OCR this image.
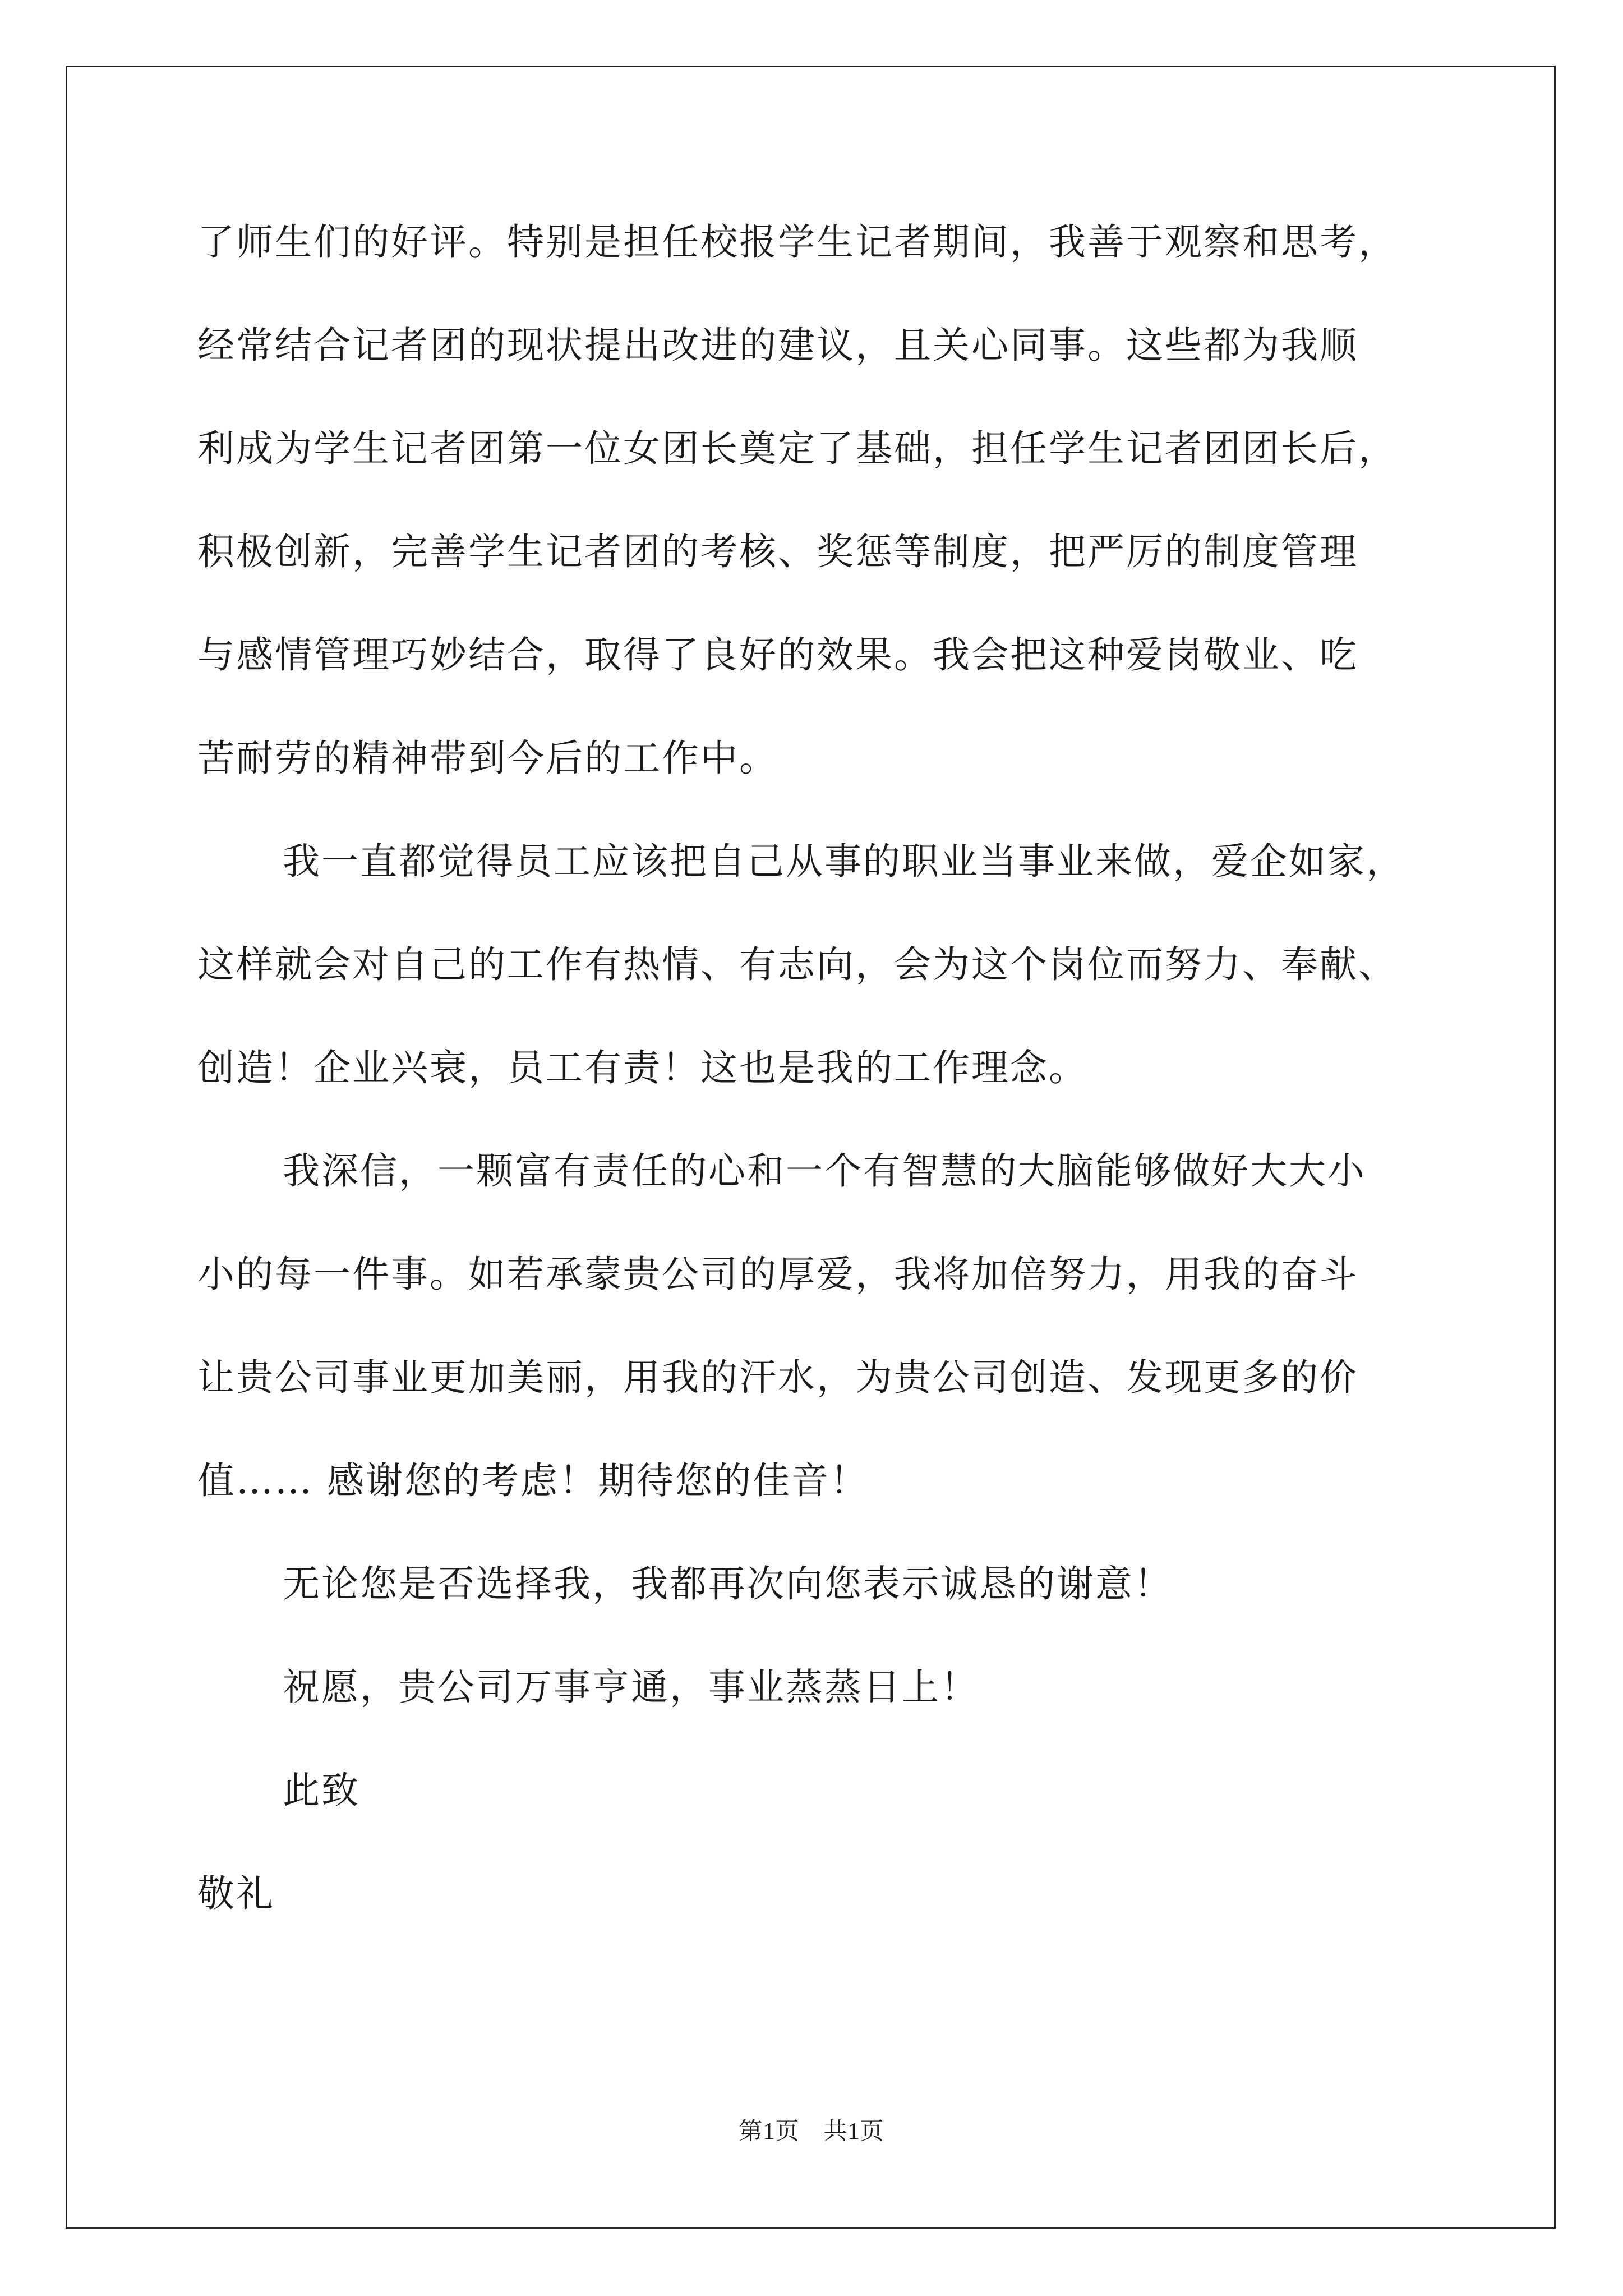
了师生们的好评。特别是担任校报学生记者期间，我善于观察和思考，

经常结合记者团的现状提出改进的建议，且关心同事。这些都为我顺

利成为学生记者团第一位女团长奠定了基础，担任学生记者团团长后，

积极创新，完善学生记者团的考核、奖惩等制度，把严厉的制度管理

与感情管理巧妙结合，取得了良好的效果。我会把这种爱岗敬业、吃

苦耐劳的精神带到今后的工作中。

我一直都觉得员工应该把自己从事的职业当事业来做，爱企如家，

这样就会对自己的工作有热情、有志向，会为这个岗位而努力、奉献、

创造！企业兴衰，员工有责！这也是我的工作理念。

我深信，一颗富有责任的心和一个有智慧的大脑能够做好大大小

小的每一件事。如若承蒙贵公司的厚爱，我将加倍努力，用我的奋斗

让贵公司事业更加美丽，用我的汗水，为贵公司创造、发现更多的价

值…… 感谢您的考虑！期待您的佳音！

无论您是否选择我，我都再次向您表示诚恳的谢意！

祝愿，贵公司万事亨通，事业蒸蒸日上！

此致

敬礼

第1页　共1页
